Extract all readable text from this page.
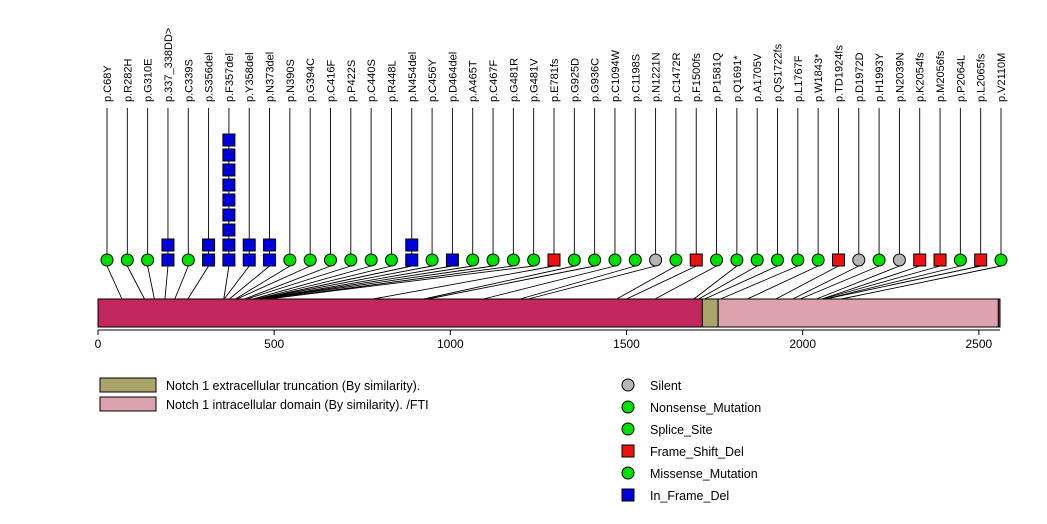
0	500	1000	1500	2000	2500
p.C68Y p.R282H p.G310E p.337_338DD> p.C339S p.S356del p.F357del p.Y358del p.N373del p.N390S p.G394C p.C416F p.P422S p.C440S p.R448L p.N454del p.C456Y p.D464del p.A465T p.C467F p.G481R p.G481V p.E781fs p.G925D p.G936C p.C1094W p.C1198S p.N1221N p.C1472R p.F1500fs p.P1581Q p.Q1691* p.A1705V p.QS1722fs p.L1767F p.W1843* p.TD1924fs p.D1972D p.H1993Y p.N2039N p.K2054fs p.M2056fs p.P2064L p.L2065fs p.V2110M
Notch 1 extracellular truncation (By similarity).
Notch 1 intracellular domain (By similarity). /FTI
Silent
Nonsense_Mutation
Splice_Site
Frame_Shift_Del
Missense_Mutation
In_Frame_Del
